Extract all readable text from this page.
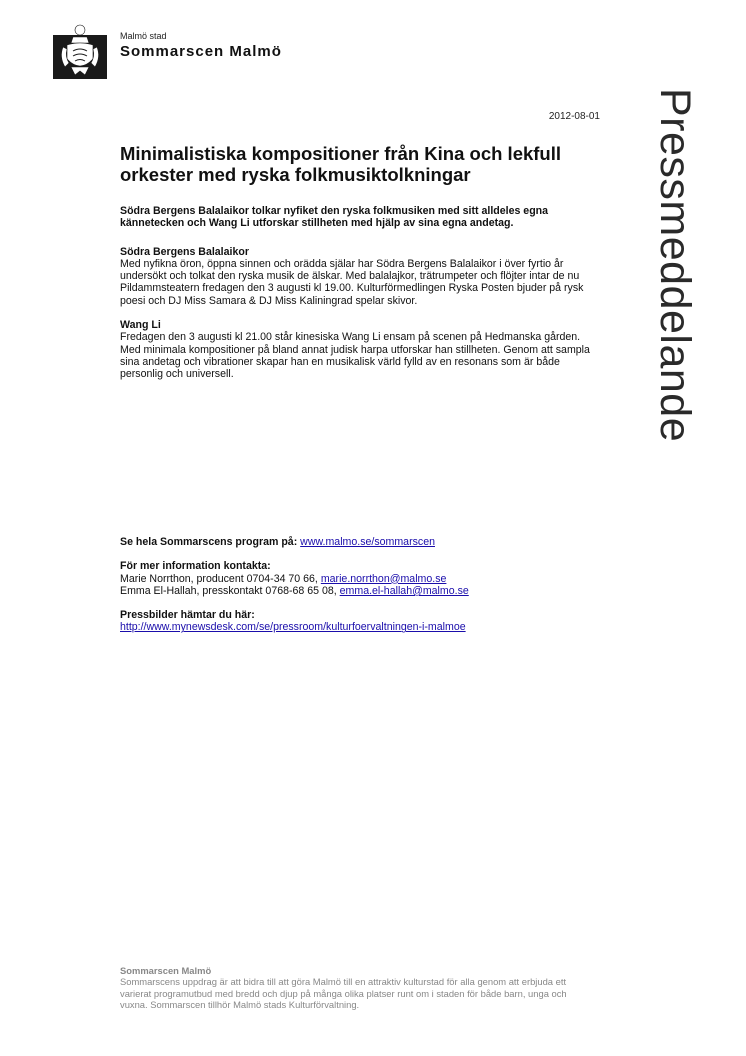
Malmö stad
Sommarscen Malmö
Pressmeddelande
2012-08-01
Minimalistiska kompositioner från Kina och lekfull orkester med ryska folkmusiktolkningar

Södra Bergens Balalaikor tolkar nyfiket den ryska folkmusiken med sitt alldeles egna kännetecken och Wang Li utforskar stillheten med hjälp av sina egna andetag.

Södra Bergens Balalaikor

Med nyfikna öron, öppna sinnen och orädda själar har Södra Bergens Balalaikor i över fyrtio år undersökt och tolkat den ryska musik de älskar. Med balalajkor, trätrumpeter och flöjter intar de nu Pildammsteatern fredagen den 3 augusti kl 19.00. Kulturförmedlingen Ryska Posten bjuder på rysk poesi och DJ Miss Samara & DJ Miss Kaliningrad spelar skivor.

Wang Li

Fredagen den 3 augusti kl 21.00 står kinesiska Wang Li ensam på scenen på Hedmanska gården. Med minimala kompositioner på bland annat judisk harpa utforskar han stillheten. Genom att sampla sina andetag och vibrationer skapar han en musikalisk värld fylld av en resonans som är både personlig och universell.

Se hela Sommarscens program på: www.malmo.se/sommarscen

För mer information kontakta:

Marie Norrthon, producent 0704-34 70 66, marie.norrthon@malmo.se

Emma El-Hallah, presskontakt 0768-68 65 08, emma.el-hallah@malmo.se

Pressbilder hämtar du här:

http://www.mynewsdesk.com/se/pressroom/kulturfoervaltningen-i-malmoe

Sommarscen Malmö
Sommarscens uppdrag är att bidra till att göra Malmö till en attraktiv kulturstad för alla genom att erbjuda ett varierat programutbud med bredd och djup på många olika platser runt om i staden för både barn, unga och vuxna. Sommarscen tillhör Malmö stads Kulturförvaltning.
